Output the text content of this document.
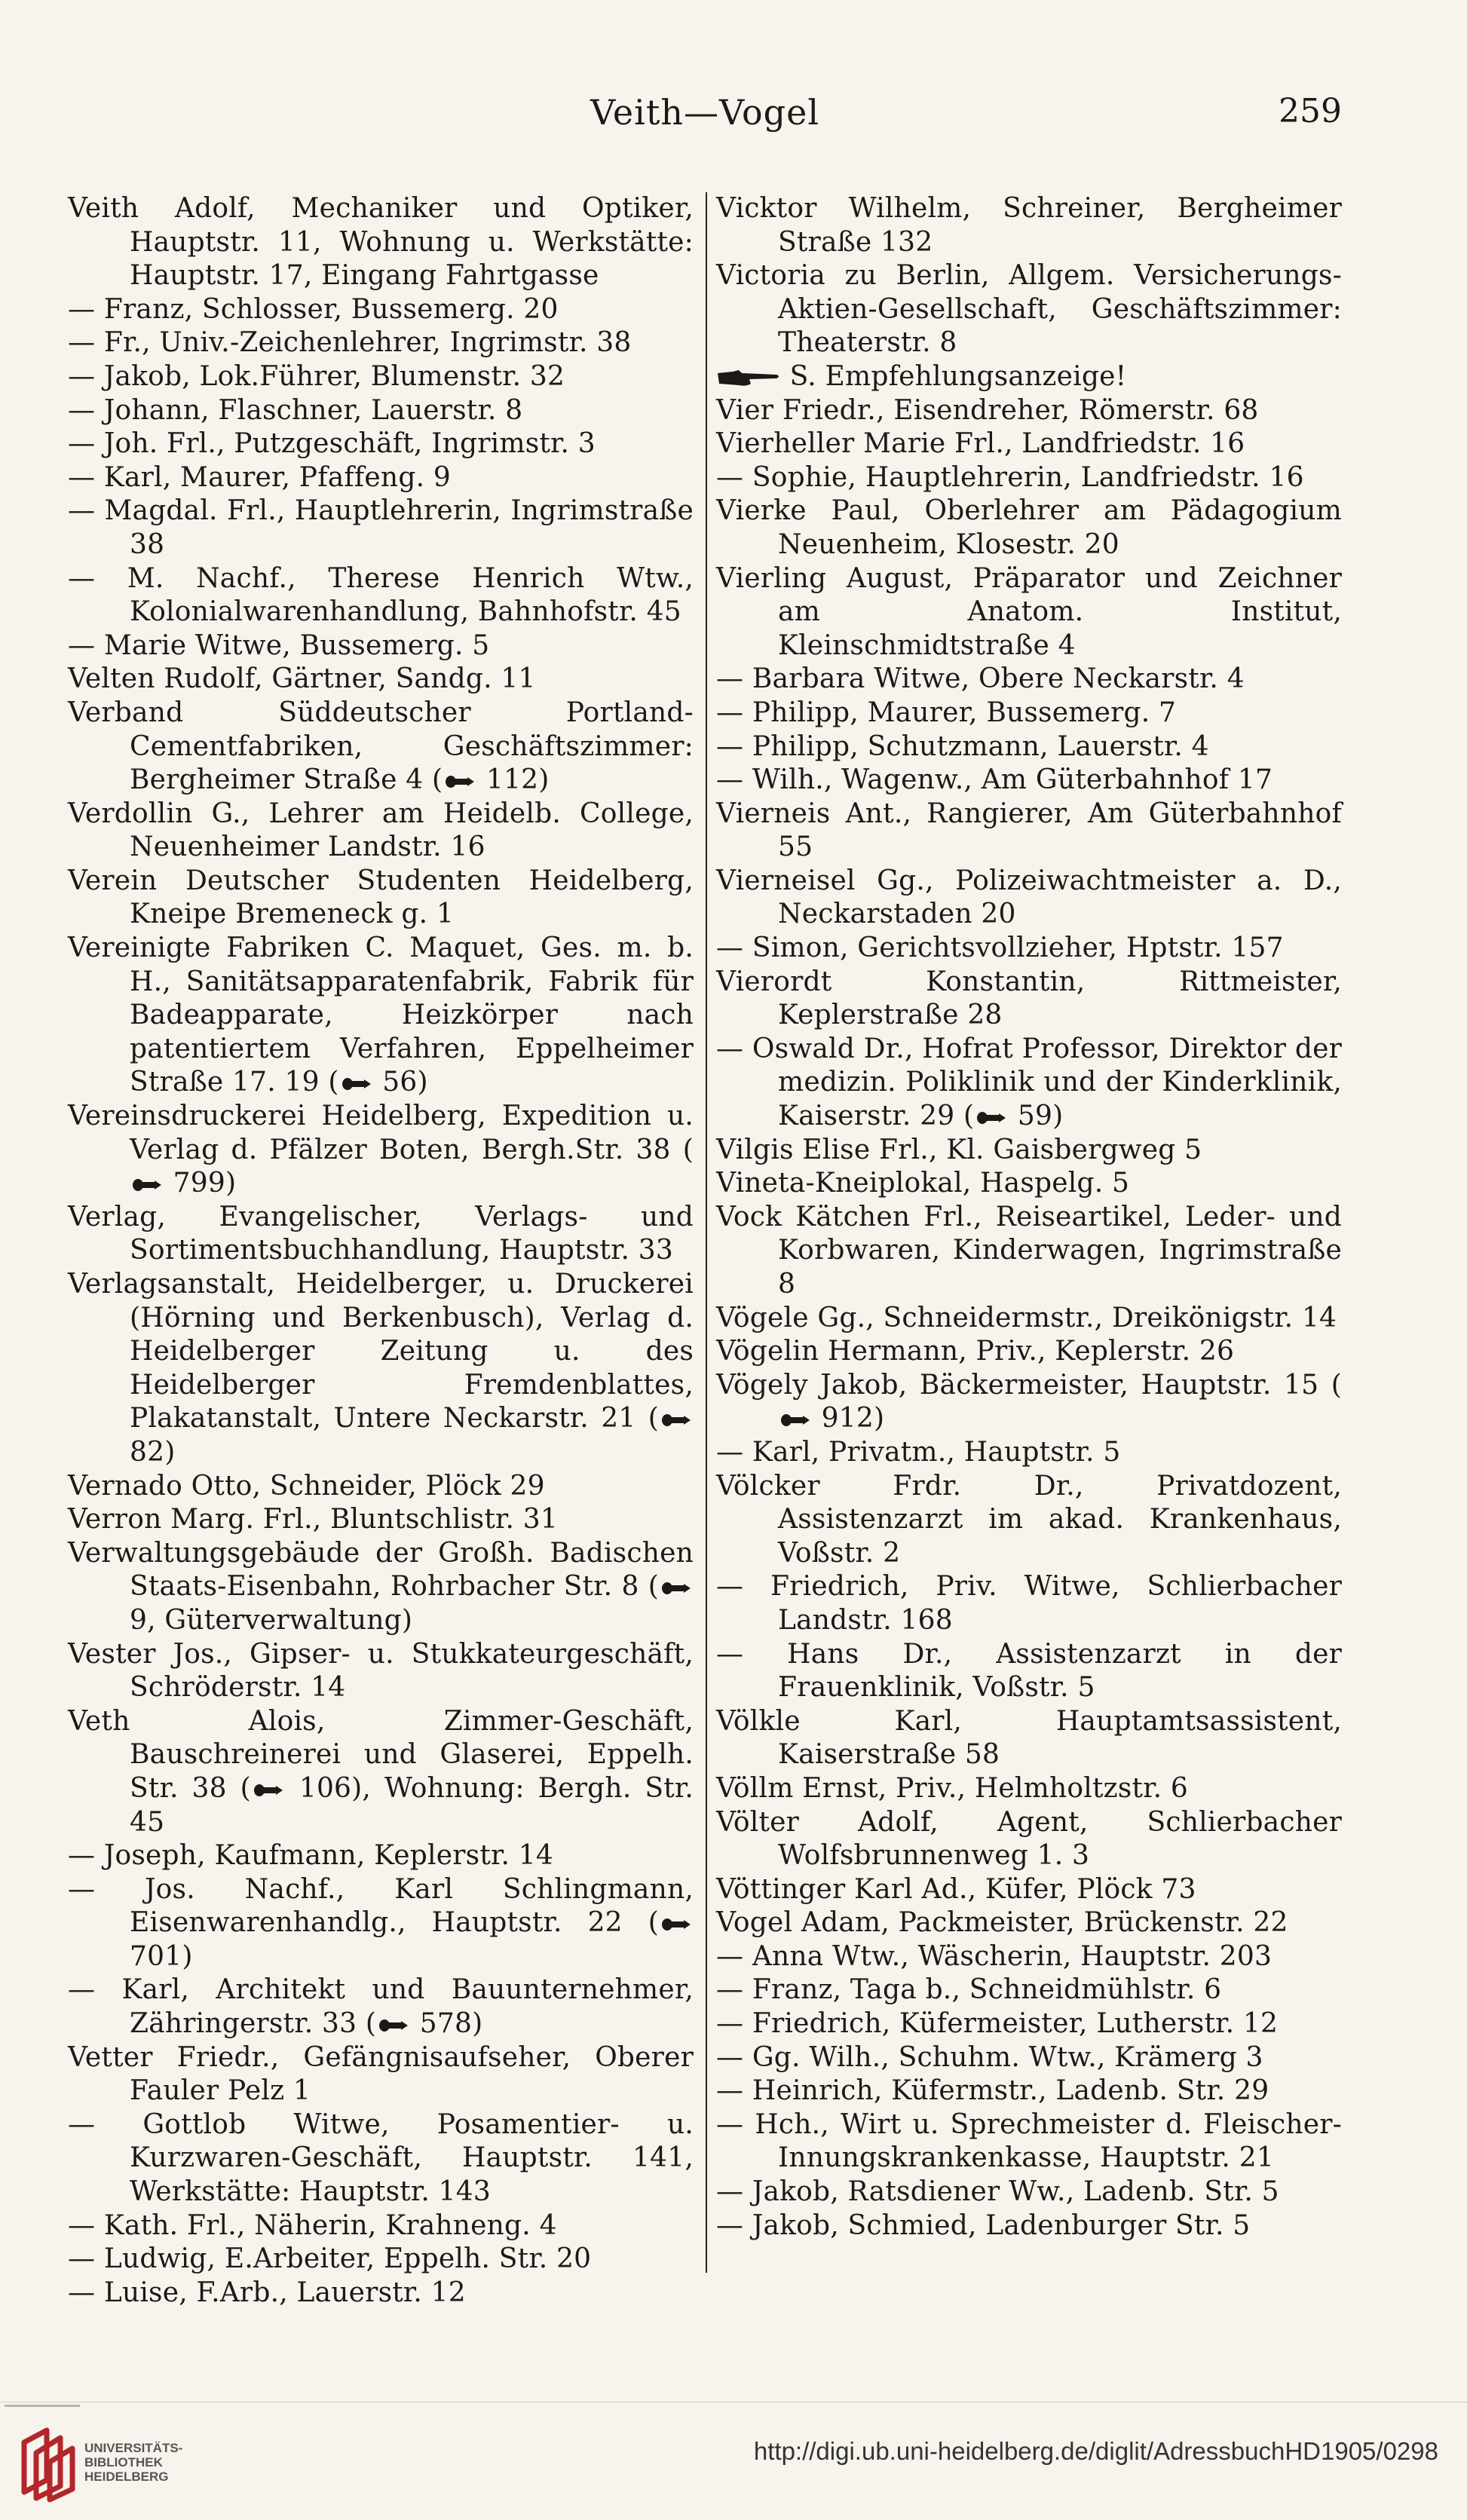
Veith—Vogel	259

Veith Adolf, Mechaniker und Optiker, Hauptstr. 11, Wohnung u. Werkstätte: Hauptstr. 17, Eingang Fahrtgasse

— Franz, Schlosser, Bussemerg. 20

— Fr., Univ.-Zeichenlehrer, Ingrimstr. 38

— Jakob, Lok.Führer, Blumenstr. 32

— Johann, Flaschner, Lauerstr. 8

— Joh. Frl., Putzgeschäft, Ingrimstr. 3

— Karl, Maurer, Pfaffeng. 9

— Magdal. Frl., Hauptlehrerin, Ingrimstraße 38

— M. Nachf., Therese Henrich Wtw., Kolonialwarenhandlung, Bahnhofstr. 45

— Marie Witwe, Bussemerg. 5

Velten Rudolf, Gärtner, Sandg. 11

Verband Süddeutscher Portland-Cementfabriken, Geschäftszimmer: Bergheimer Straße 4 (
112)

Verdollin G., Lehrer am Heidelb. College, Neuenheimer Landstr. 16

Verein Deutscher Studenten Heidelberg, Kneipe Bremeneck g. 1

Vereinigte Fabriken C. Maquet, Ges. m. b. H., Sanitätsapparatenfabrik, Fabrik für Badeapparate, Heizkörper nach patentiertem Verfahren, Eppelheimer Straße 17. 19 (
56)

Vereinsdruckerei Heidelberg, Expedition u. Verlag d. Pfälzer Boten, Bergh.Str. 38 (
799)

Verlag, Evangelischer, Verlags- und Sortimentsbuchhandlung, Hauptstr. 33

Verlagsanstalt, Heidelberger, u. Druckerei (Hörning und Berkenbusch), Verlag d. Heidelberger Zeitung u. des Heidelberger Fremdenblattes, Plakatanstalt, Untere Neckarstr. 21 (
82)

Vernado Otto, Schneider, Plöck 29

Verron Marg. Frl., Bluntschlistr. 31

Verwaltungsgebäude der Großh. Badischen Staats-Eisenbahn, Rohrbacher Str. 8 (
9, Güterverwaltung)

Vester Jos., Gipser- u. Stukkateurgeschäft, Schröderstr. 14

Veth Alois, Zimmer-Geschäft, Bauschreinerei und Glaserei, Eppelh. Str. 38 (
106), Wohnung: Bergh. Str. 45

— Joseph, Kaufmann, Keplerstr. 14

— Jos. Nachf., Karl Schlingmann, Eisenwarenhandlg., Hauptstr. 22 (
701)

— Karl, Architekt und Bauunternehmer, Zähringerstr. 33 (
578)

Vetter Friedr., Gefängnisaufseher, Oberer Fauler Pelz 1

— Gottlob Witwe, Posamentier- u. Kurzwaren-Geschäft, Hauptstr. 141, Werkstätte: Hauptstr. 143

— Kath. Frl., Näherin, Krahneng. 4

— Ludwig, E.Arbeiter, Eppelh. Str. 20

— Luise, F.Arb., Lauerstr. 12

Vicktor Wilhelm, Schreiner, Bergheimer Straße 132

Victoria zu Berlin, Allgem. Versicherungs-Aktien-Gesellschaft, Geschäftszimmer: Theaterstr. 8

S. Empfehlungsanzeige!

Vier Friedr., Eisendreher, Römerstr. 68

Vierheller Marie Frl., Landfriedstr. 16

— Sophie, Hauptlehrerin, Landfriedstr. 16

Vierke Paul, Oberlehrer am Pädagogium Neuenheim, Klosestr. 20

Vierling August, Präparator und Zeichner am Anatom. Institut, Kleinschmidtstraße 4

— Barbara Witwe, Obere Neckarstr. 4

— Philipp, Maurer, Bussemerg. 7

— Philipp, Schutzmann, Lauerstr. 4

— Wilh., Wagenw., Am Güterbahnhof 17

Vierneis Ant., Rangierer, Am Güterbahnhof 55

Vierneisel Gg., Polizeiwachtmeister a. D., Neckarstaden 20

— Simon, Gerichtsvollzieher, Hptstr. 157

Vierordt Konstantin, Rittmeister, Keplerstraße 28

— Oswald Dr., Hofrat Professor, Direktor der medizin. Poliklinik und der Kinderklinik, Kaiserstr. 29 (
59)

Vilgis Elise Frl., Kl. Gaisbergweg 5

Vineta-Kneiplokal, Haspelg. 5

Vock Kätchen Frl., Reiseartikel, Leder- und Korbwaren, Kinderwagen, Ingrimstraße 8

Vögele Gg., Schneidermstr., Dreikönigstr. 14

Vögelin Hermann, Priv., Keplerstr. 26

Vögely Jakob, Bäckermeister, Hauptstr. 15 (
912)

— Karl, Privatm., Hauptstr. 5

Völcker Frdr. Dr., Privatdozent, Assistenzarzt im akad. Krankenhaus, Voßstr. 2

— Friedrich, Priv. Witwe, Schlierbacher Landstr. 168

— Hans Dr., Assistenzarzt in der Frauenklinik, Voßstr. 5

Völkle Karl, Hauptamtsassistent, Kaiserstraße 58

Völlm Ernst, Priv., Helmholtzstr. 6

Völter Adolf, Agent, Schlierbacher Wolfsbrunnenweg 1. 3

Vöttinger Karl Ad., Küfer, Plöck 73

Vogel Adam, Packmeister, Brückenstr. 22

— Anna Wtw., Wäscherin, Hauptstr. 203

— Franz, Taga b., Schneidmühlstr. 6

— Friedrich, Küfermeister, Lutherstr. 12

— Gg. Wilh., Schuhm. Wtw., Krämerg 3

— Heinrich, Küfermstr., Ladenb. Str. 29

— Hch., Wirt u. Sprechmeister d. Fleischer-Innungskrankenkasse, Hauptstr. 21

— Jakob, Ratsdiener Ww., Ladenb. Str. 5

— Jakob, Schmied, Ladenburger Str. 5

UNIVERSITÄTS-
BIBLIOTHEK
HEIDELBERG
http://digi.ub.uni-heidelberg.de/diglit/AdressbuchHD1905/0298
